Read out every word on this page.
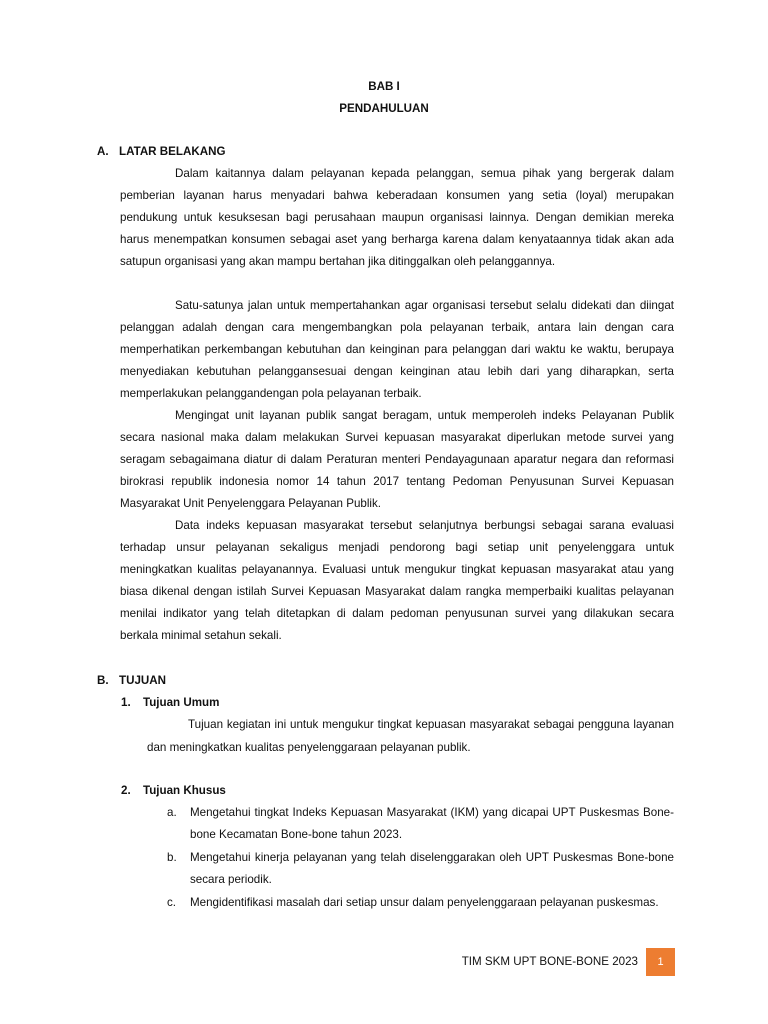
BAB I
PENDAHULUAN
A. LATAR BELAKANG

Dalam kaitannya dalam pelayanan kepada pelanggan, semua pihak yang bergerak dalam pemberian layanan harus menyadari bahwa keberadaan konsumen yang setia (loyal) merupakan pendukung untuk kesuksesan bagi perusahaan maupun organisasi lainnya. Dengan demikian mereka harus menempatkan konsumen sebagai aset yang berharga karena dalam kenyataannya tidak akan ada satupun organisasi yang akan mampu bertahan jika ditinggalkan oleh pelanggannya.

Satu-satunya jalan untuk mempertahankan agar organisasi tersebut selalu didekati dan diingat pelanggan adalah dengan cara mengembangkan pola pelayanan terbaik, antara lain dengan cara memperhatikan perkembangan kebutuhan dan keinginan para pelanggan dari waktu ke waktu, berupaya menyediakan kebutuhan pelanggansesuai dengan keinginan atau lebih dari yang diharapkan, serta memperlakukan pelanggandengan pola pelayanan terbaik.

Mengingat unit layanan publik sangat beragam, untuk memperoleh indeks Pelayanan Publik secara nasional maka dalam melakukan Survei kepuasan masyarakat diperlukan metode survei yang seragam sebagaimana diatur di dalam Peraturan menteri Pendayagunaan aparatur negara dan reformasi birokrasi republik indonesia nomor 14 tahun 2017 tentang Pedoman Penyusunan Survei Kepuasan Masyarakat Unit Penyelenggara Pelayanan Publik.

Data indeks kepuasan masyarakat tersebut selanjutnya berbungsi sebagai sarana evaluasi terhadap unsur pelayanan sekaligus menjadi pendorong bagi setiap unit penyelenggara untuk meningkatkan kualitas pelayanannya. Evaluasi untuk mengukur tingkat kepuasan masyarakat atau yang biasa dikenal dengan istilah Survei Kepuasan Masyarakat dalam rangka memperbaiki kualitas pelayanan menilai indikator yang telah ditetapkan di dalam pedoman penyusunan survei yang dilakukan secara berkala minimal setahun sekali.

B. TUJUAN
1. Tujuan Umum

Tujuan kegiatan ini untuk mengukur tingkat kepuasan masyarakat sebagai pengguna layanan dan meningkatkan kualitas penyelenggaraan pelayanan publik.

2. Tujuan Khusus
a. Mengetahui tingkat Indeks Kepuasan Masyarakat (IKM) yang dicapai UPT Puskesmas Bone-bone Kecamatan Bone-bone tahun 2023.
b. Mengetahui kinerja pelayanan yang telah diselenggarakan oleh UPT Puskesmas Bone-bone secara periodik.
c. Mengidentifikasi masalah dari setiap unsur dalam penyelenggaraan pelayanan puskesmas.
TIM SKM UPT BONE-BONE 2023	1
